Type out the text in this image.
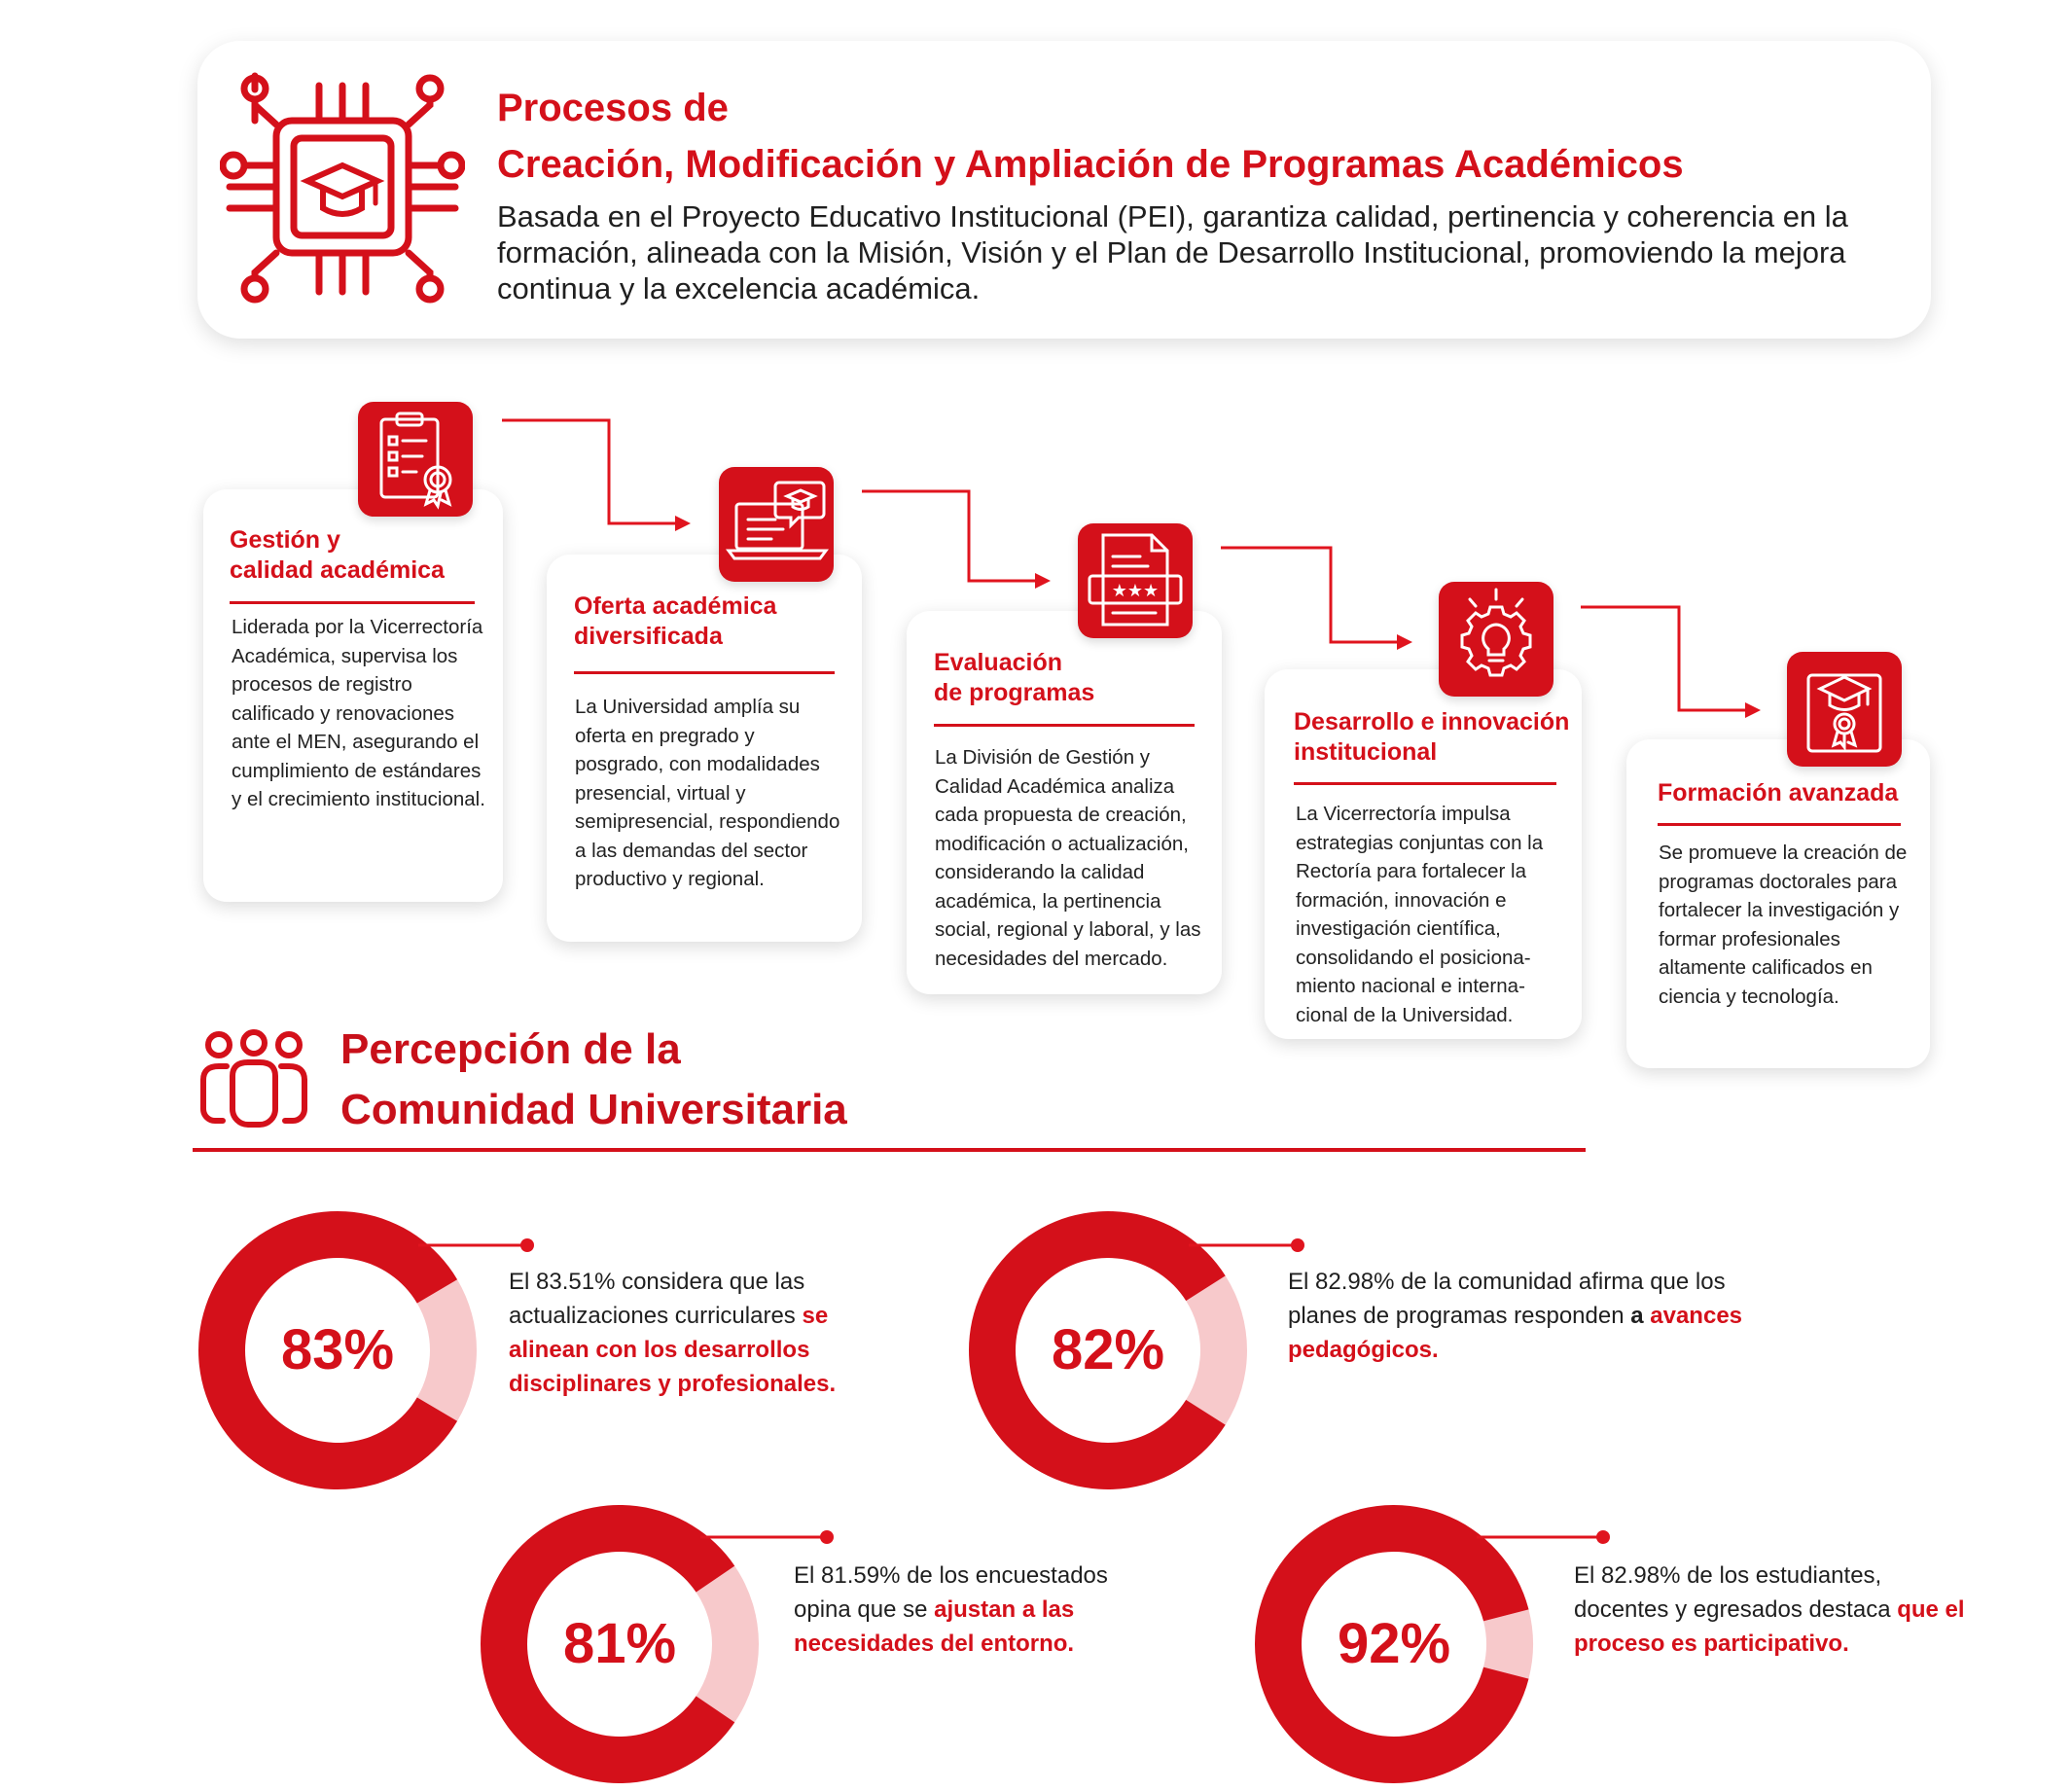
Procesos de
Creación, Modificación y Ampliación de Programas Académicos
Basada en el Proyecto Educativo Institucional (PEI), garantiza calidad, pertinencia y coherencia en la formación, alineada con la Misión, Visión y el Plan de Desarrollo Institucional, promoviendo la mejora continua y la excelencia académica.
Gestión y
calidad académica
Liderada por la Vicerrectoría Académica, supervisa los procesos de registro calificado y renovaciones ante el MEN, asegurando el cumplimiento de estándares y el crecimiento institucional.
Oferta académica
diversificada
La Universidad amplía su oferta en pregrado y posgrado, con modalidades presencial, virtual y semipresencial, respondiendo a las demandas del sector productivo y regional.
★★★
Evaluación
de programas
La División de Gestión y Calidad Académica analiza cada propuesta de creación, modificación o actualización, considerando la calidad académica, la pertinencia social, regional y laboral, y las necesidades del mercado.
Desarrollo e innovación
institucional
La Vicerrectoría impulsa estrategias conjuntas con la Rectoría para fortalecer la formación, innovación e investigación científica, consolidando el posiciona-miento nacional e interna-cional de la Universidad.
Formación avanzada
Se promueve la creación de programas doctorales para fortalecer la investigación y formar profesionales altamente calificados en ciencia y tecnología.
Percepción de la
Comunidad Universitaria
83%
El 83.51% considera que las actualizaciones curriculares se alinean con los desarrollos disciplinares y profesionales.
82%
El 82.98% de la comunidad afirma que los planes de programas responden a avances pedagógicos.
81%
El 81.59% de los encuestados opina que se ajustan a las necesidades del entorno.	92%
El 82.98% de los estudiantes, docentes y egresados destaca que el proceso es participativo.
